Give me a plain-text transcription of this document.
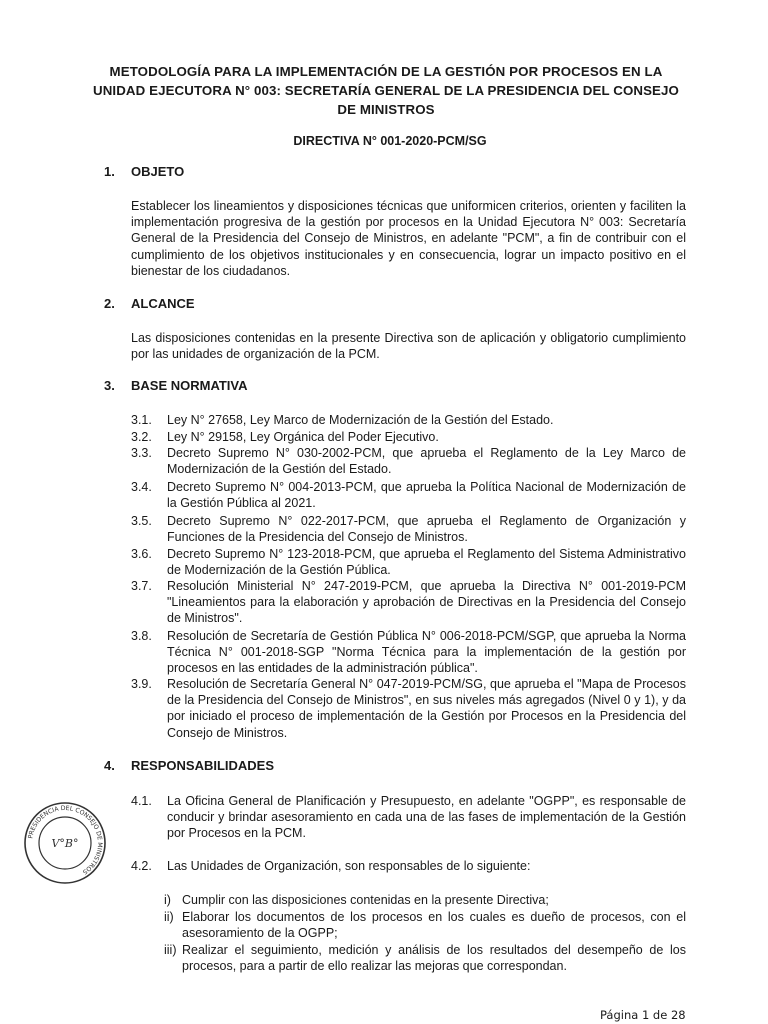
METODOLOGÍA PARA LA IMPLEMENTACIÓN DE LA GESTIÓN POR PROCESOS EN LA
UNIDAD EJECUTORA N° 003: SECRETARÍA GENERAL DE LA PRESIDENCIA DEL CONSEJO
DE MINISTROS
DIRECTIVA N° 001-2020-PCM/SG
1. OBJETO

Establecer los lineamientos y disposiciones técnicas que uniformicen criterios, orienten y faciliten la implementación progresiva de la gestión por procesos en la Unidad Ejecutora N° 003: Secretaría General de la Presidencia del Consejo de Ministros, en adelante "PCM", a fin de contribuir con el cumplimiento de los objetivos institucionales y en consecuencia, lograr un impacto positivo en el bienestar de los ciudadanos.

2. ALCANCE

Las disposiciones contenidas en la presente Directiva son de aplicación y obligatorio cumplimiento por las unidades de organización de la PCM.

3. BASE NORMATIVA
3.1.	Ley N° 27658, Ley Marco de Modernización de la Gestión del Estado.
3.2.	Ley N° 29158, Ley Orgánica del Poder Ejecutivo.
3.3.	Decreto Supremo N° 030-2002-PCM, que aprueba el Reglamento de la Ley Marco de Modernización de la Gestión del Estado.
3.4.	Decreto Supremo N° 004-2013-PCM, que aprueba la Política Nacional de Modernización de la Gestión Pública al 2021.
3.5.	Decreto Supremo N° 022-2017-PCM, que aprueba el Reglamento de Organización y Funciones de la Presidencia del Consejo de Ministros.
3.6.	Decreto Supremo N° 123-2018-PCM, que aprueba el Reglamento del Sistema Administrativo de Modernización de la Gestión Pública.
3.7.	Resolución Ministerial N° 247-2019-PCM, que aprueba la Directiva N° 001-2019-PCM "Lineamientos para la elaboración y aprobación de Directivas en la Presidencia del Consejo de Ministros".
3.8.	Resolución de Secretaría de Gestión Pública N° 006-2018-PCM/SGP, que aprueba la Norma Técnica N° 001-2018-SGP "Norma Técnica para la implementación de la gestión por procesos en las entidades de la administración pública".
3.9.	Resolución de Secretaría General N° 047-2019-PCM/SG, que aprueba el "Mapa de Procesos de la Presidencia del Consejo de Ministros", en sus niveles más agregados (Nivel 0 y 1), y da por iniciado el proceso de implementación de la Gestión por Procesos en la Presidencia del Consejo de Ministros.
4. RESPONSABILIDADES
4.1. La Oficina General de Planificación y Presupuesto, en adelante "OGPP", es responsable de conducir y brindar asesoramiento en cada una de las fases de implementación de la Gestión por Procesos en la PCM.
4.2. Las Unidades de Organización, son responsables de lo siguiente:
i) Cumplir con las disposiciones contenidas en la presente Directiva;
ii) Elaborar los documentos de los procesos en los cuales es dueño de procesos, con el asesoramiento de la OGPP;
iii) Realizar el seguimiento, medición y análisis de los resultados del desempeño de los procesos, para a partir de ello realizar las mejoras que correspondan.
PRESIDENCIA DEL CONSEJO DE MINISTROS
V°B°
Página 1 de 28
